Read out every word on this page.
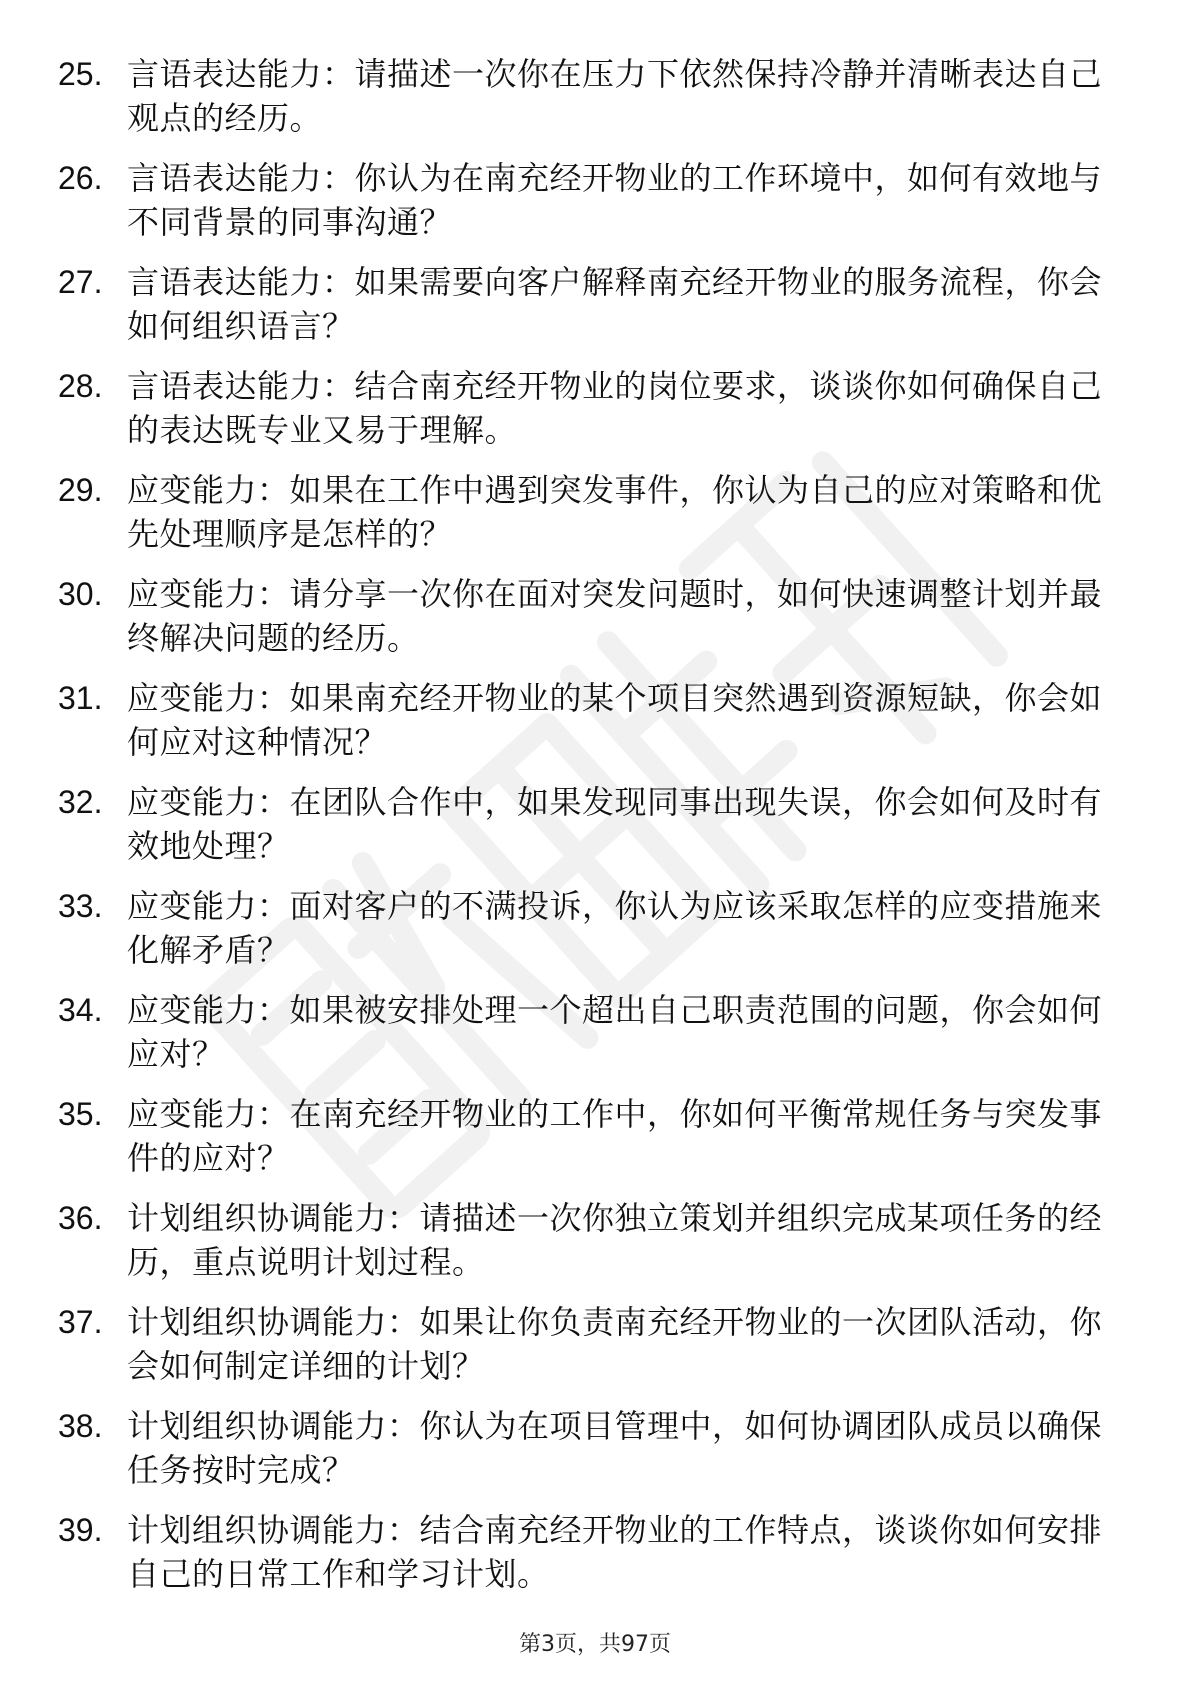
25. 言语表达能力：请描述一次你在压力下依然保持冷静并清晰表达自己观点的经历。
26. 言语表达能力：你认为在南充经开物业的工作环境中，如何有效地与不同背景的同事沟通？
27. 言语表达能力：如果需要向客户解释南充经开物业的服务流程，你会如何组织语言？
28. 言语表达能力：结合南充经开物业的岗位要求，谈谈你如何确保自己的表达既专业又易于理解。
29. 应变能力：如果在工作中遇到突发事件，你认为自己的应对策略和优先处理顺序是怎样的？
30. 应变能力：请分享一次你在面对突发问题时，如何快速调整计划并最终解决问题的经历。
31. 应变能力：如果南充经开物业的某个项目突然遇到资源短缺，你会如何应对这种情况？
32. 应变能力：在团队合作中，如果发现同事出现失误，你会如何及时有效地处理？
33. 应变能力：面对客户的不满投诉，你认为应该采取怎样的应变措施来化解矛盾？
34. 应变能力：如果被安排处理一个超出自己职责范围的问题，你会如何应对？
35. 应变能力：在南充经开物业的工作中，你如何平衡常规任务与突发事件的应对？
36. 计划组织协调能力：请描述一次你独立策划并组织完成某项任务的经历，重点说明计划过程。
37. 计划组织协调能力：如果让你负责南充经开物业的一次团队活动，你会如何制定详细的计划？
38. 计划组织协调能力：你认为在项目管理中，如何协调团队成员以确保任务按时完成？
39. 计划组织协调能力：结合南充经开物业的工作特点，谈谈你如何安排自己的日常工作和学习计划。
第3页，共97页
